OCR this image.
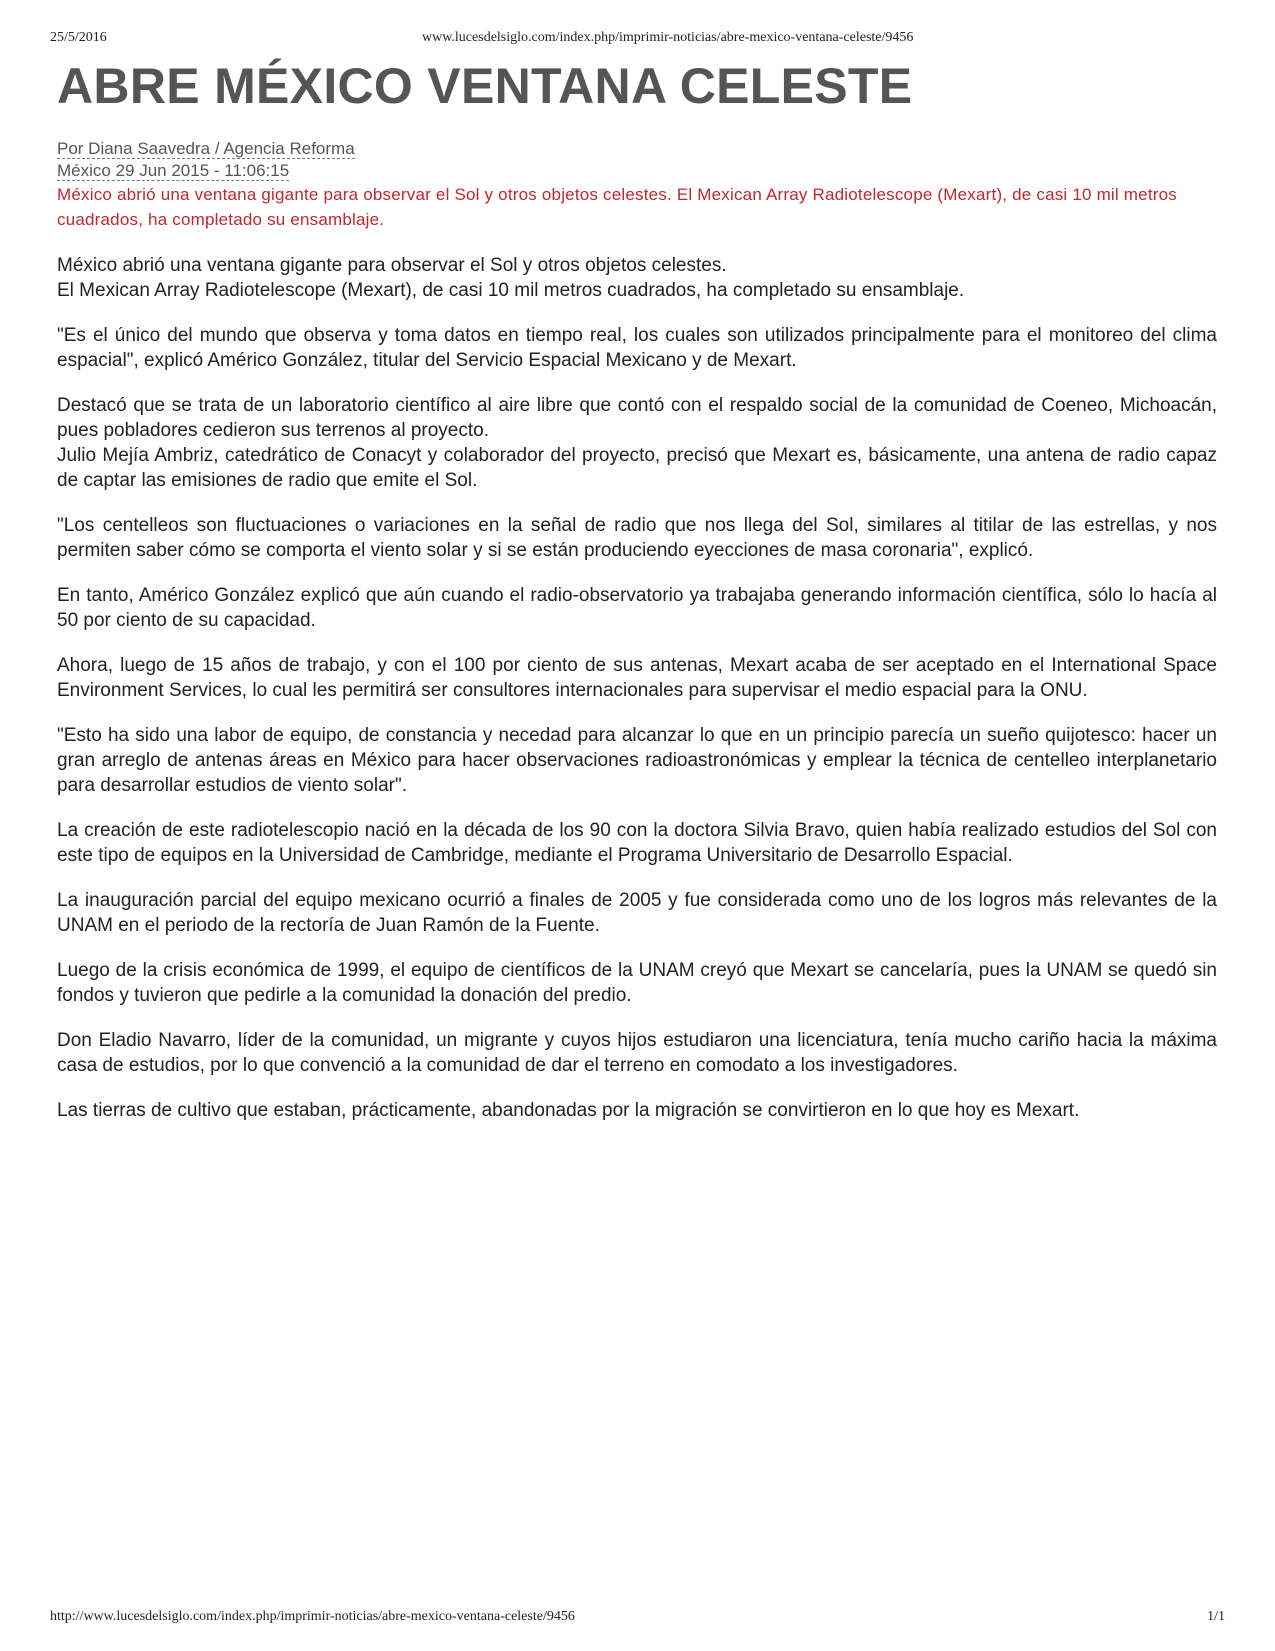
25/5/2016	www.lucesdelsiglo.com/index.php/imprimir-noticias/abre-mexico-ventana-celeste/9456
ABRE MÉXICO VENTANA CELESTE
Por Diana Saavedra / Agencia Reforma
México 29 Jun 2015 - 11:06:15

México abrió una ventana gigante para observar el Sol y otros objetos celestes. El Mexican Array Radiotelescope (Mexart), de casi 10 mil metros cuadrados, ha completado su ensamblaje.

México abrió una ventana gigante para observar el Sol y otros objetos celestes.
El Mexican Array Radiotelescope (Mexart), de casi 10 mil metros cuadrados, ha completado su ensamblaje.

"Es el único del mundo que observa y toma datos en tiempo real, los cuales son utilizados principalmente para el monitoreo del clima espacial", explicó Américo González, titular del Servicio Espacial Mexicano y de Mexart.

Destacó que se trata de un laboratorio científico al aire libre que contó con el respaldo social de la comunidad de Coeneo, Michoacán, pues pobladores cedieron sus terrenos al proyecto.
Julio Mejía Ambriz, catedrático de Conacyt y colaborador del proyecto, precisó que Mexart es, básicamente, una antena de radio capaz de captar las emisiones de radio que emite el Sol.

"Los centelleos son fluctuaciones o variaciones en la señal de radio que nos llega del Sol, similares al titilar de las estrellas, y nos permiten saber cómo se comporta el viento solar y si se están produciendo eyecciones de masa coronaria", explicó.

En tanto, Américo González explicó que aún cuando el radio-observatorio ya trabajaba generando información científica, sólo lo hacía al 50 por ciento de su capacidad.

Ahora, luego de 15 años de trabajo, y con el 100 por ciento de sus antenas, Mexart acaba de ser aceptado en el International Space Environment Services, lo cual les permitirá ser consultores internacionales para supervisar el medio espacial para la ONU.

"Esto ha sido una labor de equipo, de constancia y necedad para alcanzar lo que en un principio parecía un sueño quijotesco: hacer un gran arreglo de antenas áreas en México para hacer observaciones radioastronómicas y emplear la técnica de centelleo interplanetario para desarrollar estudios de viento solar".

La creación de este radiotelescopio nació en la década de los 90 con la doctora Silvia Bravo, quien había realizado estudios del Sol con este tipo de equipos en la Universidad de Cambridge, mediante el Programa Universitario de Desarrollo Espacial.

La inauguración parcial del equipo mexicano ocurrió a finales de 2005 y fue considerada como uno de los logros más relevantes de la UNAM en el periodo de la rectoría de Juan Ramón de la Fuente.

Luego de la crisis económica de 1999, el equipo de científicos de la UNAM creyó que Mexart se cancelaría, pues la UNAM se quedó sin fondos y tuvieron que pedirle a la comunidad la donación del predio.

Don Eladio Navarro, líder de la comunidad, un migrante y cuyos hijos estudiaron una licenciatura, tenía mucho cariño hacia la máxima casa de estudios, por lo que convenció a la comunidad de dar el terreno en comodato a los investigadores.

Las tierras de cultivo que estaban, prácticamente, abandonadas por la migración se convirtieron en lo que hoy es Mexart.

http://www.lucesdelsiglo.com/index.php/imprimir-noticias/abre-mexico-ventana-celeste/9456	1/1
